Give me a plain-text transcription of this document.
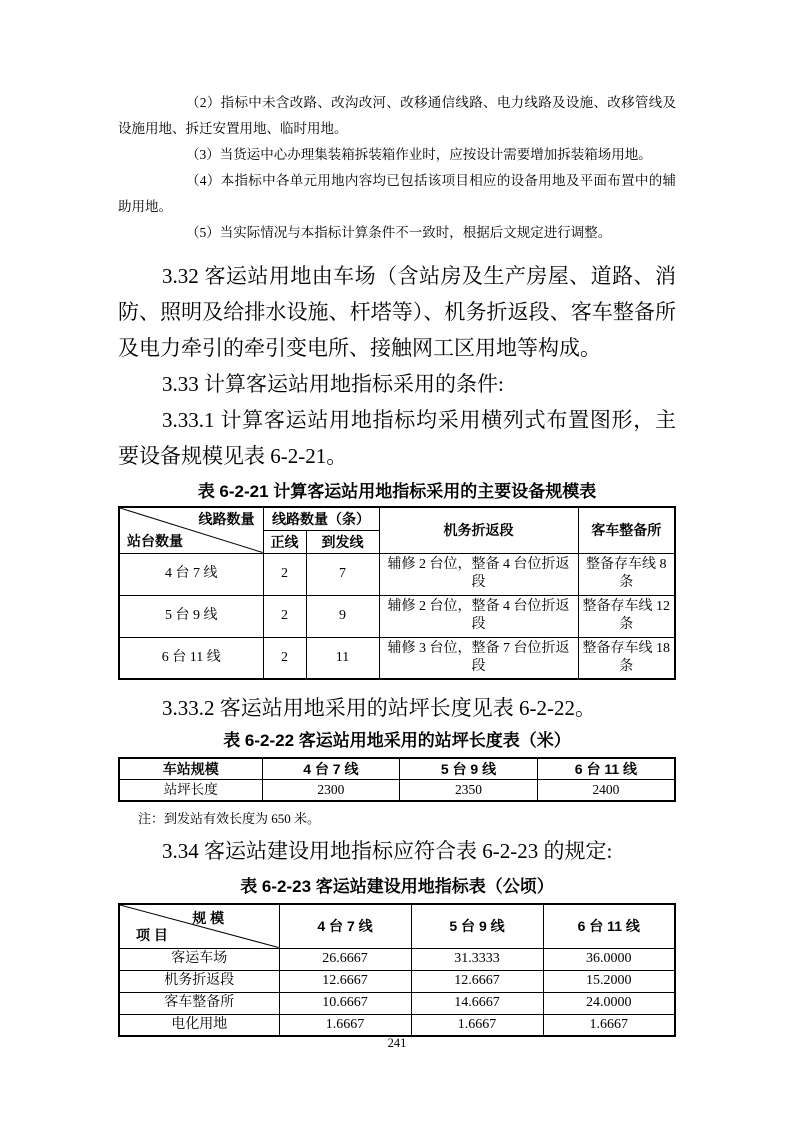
（2）指标中未含改路、改沟改河、改移通信线路、电力线路及设施、改移管线及设施用地、拆迁安置用地、临时用地。

（3）当货运中心办理集装箱拆装箱作业时，应按设计需要增加拆装箱场用地。

（4）本指标中各单元用地内容均已包括该项目相应的设备用地及平面布置中的辅助用地。

（5）当实际情况与本指标计算条件不一致时，根据后文规定进行调整。

3.32 客运站用地由车场（含站房及生产房屋、道路、消防、照明及给排水设施、杆塔等）、机务折返段、客车整备所及电力牵引的牵引变电所、接触网工区用地等构成。

3.33 计算客运站用地指标采用的条件:

3.33.1 计算客运站用地指标均采用横列式布置图形，主要设备规模见表 6-2-21。

表 6-2-21 计算客运站用地指标采用的主要设备规模表
线路数量
站台数量	线路数量（条）		机务折返段	客车整备所
	正线	到发线		
4 台 7 线	2	7	辅修 2 台位，整备 4 台位折返段	整备存车线 8 条
5 台 9 线	2	9	辅修 2 台位，整备 4 台位折返段	整备存车线 12 条
6 台 11 线	2	11	辅修 3 台位，整备 7 台位折返段	整备存车线 18 条

3.33.2 客运站用地采用的站坪长度见表 6-2-22。

表 6-2-22 客运站用地采用的站坪长度表（米）
车站规模	4 台 7 线	5 台 9 线	6 台 11 线
站坪长度	2300	2350	2400
注：到发站有效长度为 650 米。

3.34 客运站建设用地指标应符合表 6-2-23 的规定:

表 6-2-23 客运站建设用地指标表（公顷）
规 模
项 目	4 台 7 线	5 台 9 线	6 台 11 线
客运车场	26.6667	31.3333	36.0000
机务折返段	12.6667	12.6667	15.2000
客车整备所	10.6667	14.6667	24.0000
电化用地	1.6667	1.6667	1.6667
241
